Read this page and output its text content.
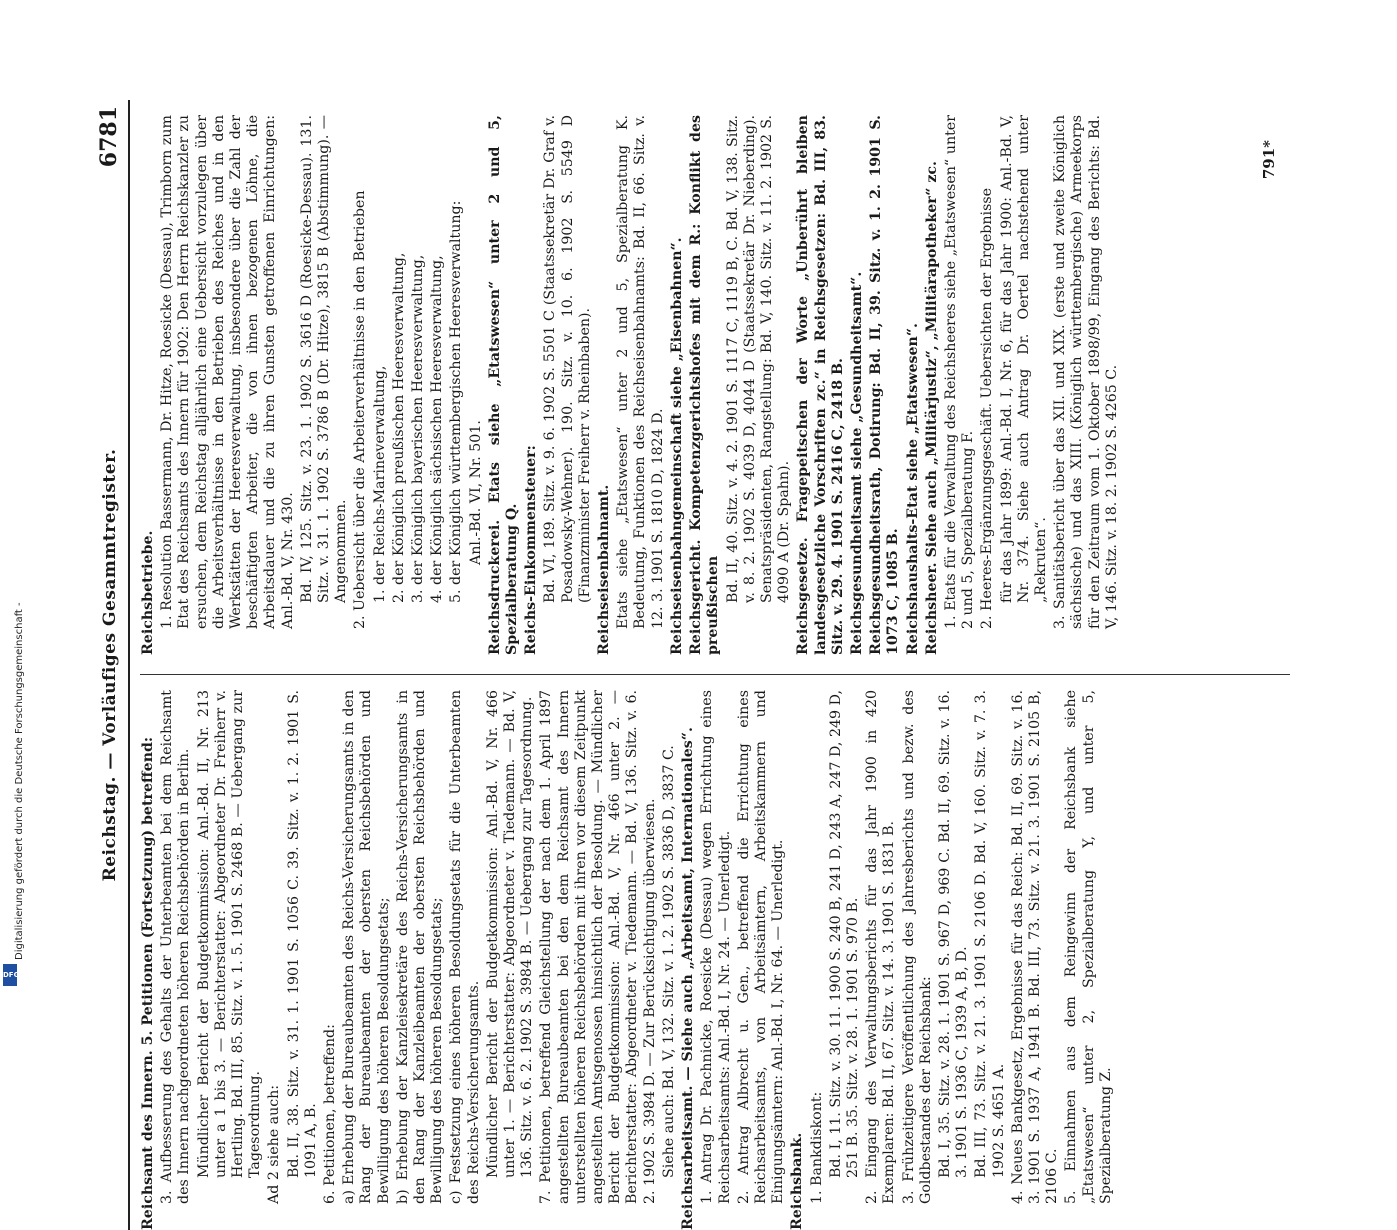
Digitalisierung gefördert durch die Deutsche Forschungsgemeinschaft -
DFG
Reichstag. — Vorläufiges Gesammtregister.
6781

Reichsamt des Innern. 5. Petitionen (Fortsetzung) betreffend: 3. Aufbesserung des Gehalts der Unterbeamten bei dem Reichsamt des Innern nachgeordneten höheren Reichsbehörden in Berlin. Mündlicher Bericht der Budgetkommission: Anl.-Bd. II, Nr. 213 unter a 1 bis 3. — Berichterstatter: Abgeordneter Dr. Freiherr v. Hertling. Bd. III, 85. Sitz. v. 1. 5. 1901 S. 2468 B. — Uebergang zur Tagesordnung. Ad 2 siehe auch: Bd. II, 38. Sitz. v. 31. 1. 1901 S. 1056 C. 39. Sitz. v. 1. 2. 1901 S. 1091 A, B. 6. Petitionen, betreffend: a) Erhebung der Bureaubeamten des Reichs-Versicherungsamts in den Rang der Bureaubeamten der obersten Reichsbehörden und Bewilligung des höheren Besoldungsetats; b) Erhebung der Kanzleisekretäre des Reichs-Versicherungsamts in den Rang der Kanzleibeamten der obersten Reichsbehörden und Bewilligung des höheren Besoldungsetats; c) Festsetzung eines höheren Besoldungsetats für die Unterbeamten des Reichs-Versicherungsamts. Mündlicher Bericht der Budgetkommission: Anl.-Bd. V, Nr. 466 unter 1. — Berichterstatter: Abgeordneter v. Tiedemann. — Bd. V, 136. Sitz. v. 6. 2. 1902 S. 3984 B. — Uebergang zur Tagesordnung. 7. Petitionen, betreffend Gleichstellung der nach dem 1. April 1897 angestellten Bureaubeamten bei den dem Reichsamt des Innern unterstellten höheren Reichsbehörden mit ihren vor diesem Zeitpunkt angestellten Amtsgenossen hinsichtlich der Besoldung. — Mündlicher Bericht der Budgetkommission: Anl.-Bd. V, Nr. 466 unter 2. — Berichterstatter: Abgeordneter v. Tiedemann. — Bd. V, 136. Sitz. v. 6. 2. 1902 S. 3984 D. — Zur Berücksichtigung überwiesen. Siehe auch: Bd. V, 132. Sitz. v. 1. 2. 1902 S. 3836 D, 3837 C. Reichsarbeitsamt. — Siehe auch „Arbeitsamt, Internationales“. 1. Antrag Dr. Pachnicke, Roesicke (Dessau) wegen Errichtung eines Reichsarbeitsamts: Anl.-Bd. I, Nr. 24. — Unerledigt. 2. Antrag Albrecht u. Gen., betreffend die Errichtung eines Reichsarbeitsamts, von Arbeitsämtern, Arbeitskammern und Einigungsämtern: Anl.-Bd. I, Nr. 64. — Unerledigt. Reichsbank. 1. Bankdiskont: Bd. I, 11. Sitz. v. 30. 11. 1900 S. 240 B, 241 D, 243 A, 247 D, 249 D, 251 B. 35. Sitz. v. 28. 1. 1901 S. 970 B. 2. Eingang des Verwaltungsberichts für das Jahr 1900 in 420 Exemplaren: Bd. II, 67. Sitz. v. 14. 3. 1901 S. 1831 B. 3. Frühzeitigere Veröffentlichung des Jahresberichts und bezw. des Goldbestandes der Reichsbank: Bd. I, 35. Sitz. v. 28. 1. 1901 S. 967 D, 969 C. Bd. II, 69. Sitz. v. 16. 3. 1901 S. 1936 C, 1939 A, B, D. Bd. III, 73. Sitz. v. 21. 3. 1901 S. 2106 D. Bd. V, 160. Sitz. v. 7. 3. 1902 S. 4651 A. 4. Neues Bankgesetz, Ergebnisse für das Reich: Bd. II, 69. Sitz. v. 16. 3. 1901 S. 1937 A, 1941 B. Bd. III, 73. Sitz. v. 21. 3. 1901 S. 2105 B, 2106 C. 5. Einnahmen aus dem Reingewinn der Reichsbank siehe „Etatswesen“ unter 2, Spezialberatung Y, und unter 5, Spezialberatung Z.

Reichsbetriebe. 1. Resolution Bassermann, Dr. Hitze, Roesicke (Dessau), Trimborn zum Etat des Reichsamts des Innern für 1902: Den Herrn Reichskanzler zu ersuchen, dem Reichstag alljährlich eine Uebersicht vorzulegen über die Arbeitsverhältnisse in den Betrieben des Reiches und in den Werkstätten der Heeresverwaltung, insbesondere über die Zahl der beschäftigten Arbeiter, die von ihnen bezogenen Löhne, die Arbeitsdauer und die zu ihren Gunsten getroffenen Einrichtungen: Anl.-Bd. V, Nr. 430. Bd. IV, 125. Sitz. v. 23. 1. 1902 S. 3616 D (Roesicke-Dessau). 131. Sitz. v. 31. 1. 1902 S. 3786 B (Dr. Hitze), 3815 B (Abstimmung). — Angenommen. 2. Uebersicht über die Arbeiterverhältnisse in den Betrieben 1. der Reichs-Marineverwaltung, 2. der Königlich preußischen Heeresverwaltung, 3. der Königlich bayerischen Heeresverwaltung, 4. der Königlich sächsischen Heeresverwaltung, 5. der Königlich württembergischen Heeresverwaltung: Anl.-Bd. VI, Nr. 501. Reichsdruckerei. Etats siehe „Etatswesen“ unter 2 und 5, Spezialberatung Q. Reichs-Einkommensteuer: Bd. VI, 189. Sitz. v. 9. 6. 1902 S. 5501 C (Staatssekretär Dr. Graf v. Posadowsky-Wehner). 190. Sitz. v. 10. 6. 1902 S. 5549 D (Finanzminister Freiherr v. Rheinbaben). Reichseisenbahnamt. Etats siehe „Etatswesen“ unter 2 und 5, Spezialberatung K. Bedeutung, Funktionen des Reichseisenbahnamts: Bd. II, 66. Sitz. v. 12. 3. 1901 S. 1810 D, 1824 D. Reichseisenbahngemeinschaft siehe „Eisenbahnen“. Reichsgericht. Kompetenzgerichtshofes mit dem R.: Konflikt des preußischen

Bd. II, 40. Sitz. v. 4. 2. 1901 S. 1117 C, 1119 B, C. Bd. V, 138. Sitz. v. 8. 2. 1902 S. 4039 D, 4044 D (Staatssekretär Dr. Nieberding). Senatspräsidenten, Rangstellung: Bd. V, 140. Sitz. v. 11. 2. 1902 S. 4090 A (Dr. Spahn). Reichsgesetze. Fragepeitschen der Worte „Unberührt bleiben landesgesetzliche Vorschriften zc.“ in Reichsgesetzen: Bd. III, 83. Sitz. v. 29. 4. 1901 S. 2416 C, 2418 B. Reichsgesundheitsamt siehe „Gesundheitsamt“. Reichsgesundheitsrath, Dotirung: Bd. II, 39. Sitz. v. 1. 2. 1901 S. 1073 C, 1085 B. Reichshaushalts-Etat siehe „Etatswesen“. Reichsheer. Siehe auch „Militärjustiz“, „Militärapotheker“ zc. 1. Etats für die Verwaltung des Reichsheeres siehe „Etatswesen“ unter 2 und 5, Spezialberatung F. 2. Heeres-Ergänzungsgeschäft. Uebersichten der Ergebnisse für das Jahr 1899: Anl.-Bd. I, Nr. 6, für das Jahr 1900: Anl.-Bd. V, Nr. 374. Siehe auch Antrag Dr. Oertel nachstehend unter „Rekruten“. 3. Sanitätsbericht über das XII. und XIX. (erste und zweite Königlich sächsische) und das XIII. (Königlich württembergische) Armeekorps für den Zeitraum vom 1. Oktober 1898/99, Eingang des Berichts: Bd. V, 146. Sitz. v. 18. 2. 1902 S. 4265 C.

791*
